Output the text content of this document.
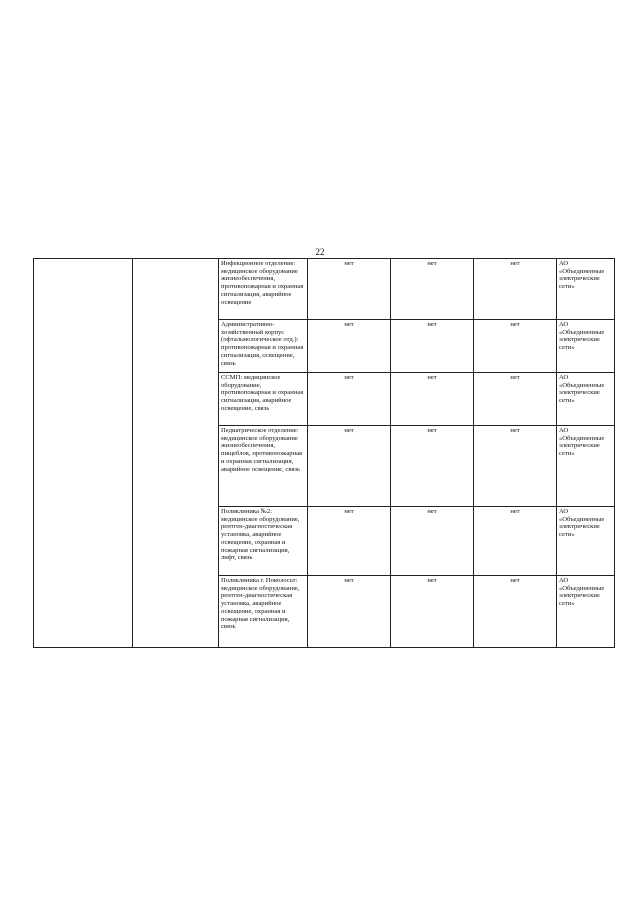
22
		Инфекционное отделение: медицинское оборудование жизнеобеспечения, противопожарная и охранная сигнализация, аварийное освещение	нет	нет	нет	АО «Объединенные электрические сети»
		Административно-хозяйственный корпус (офтальмологическое отд.): противопожарная и охранная сигнализация, освещение, связь	нет	нет	нет	АО «Объединенные электрические сети»
		ССМП: медицинское оборудование, противопожарная и охранная сигнализация, аварийное освещение, связь	нет	нет	нет	АО «Объединенные электрические сети»
		Педиатрическое отделение: медицинское оборудование жизнеобеспечения, пищеблок, противопожарная и охранная сигнализация, аварийное освещение, связь	нет	нет	нет	АО «Объединенные электрические сети»
		Поликлиника №2: медицинское оборудование, рентген-диагностическая установка, аварийное освещение, охранная и пожарная сигнализация, лифт, связь	нет	нет	нет	АО «Объединенные электрические сети»
		Поликлиника г. Новолосьт: медицинское оборудование, рентген-диагностическая установка, аварийное освещение, охранная и пожарная сигнализация, связь	нет	нет	нет	АО «Объединенные электрические сети»
